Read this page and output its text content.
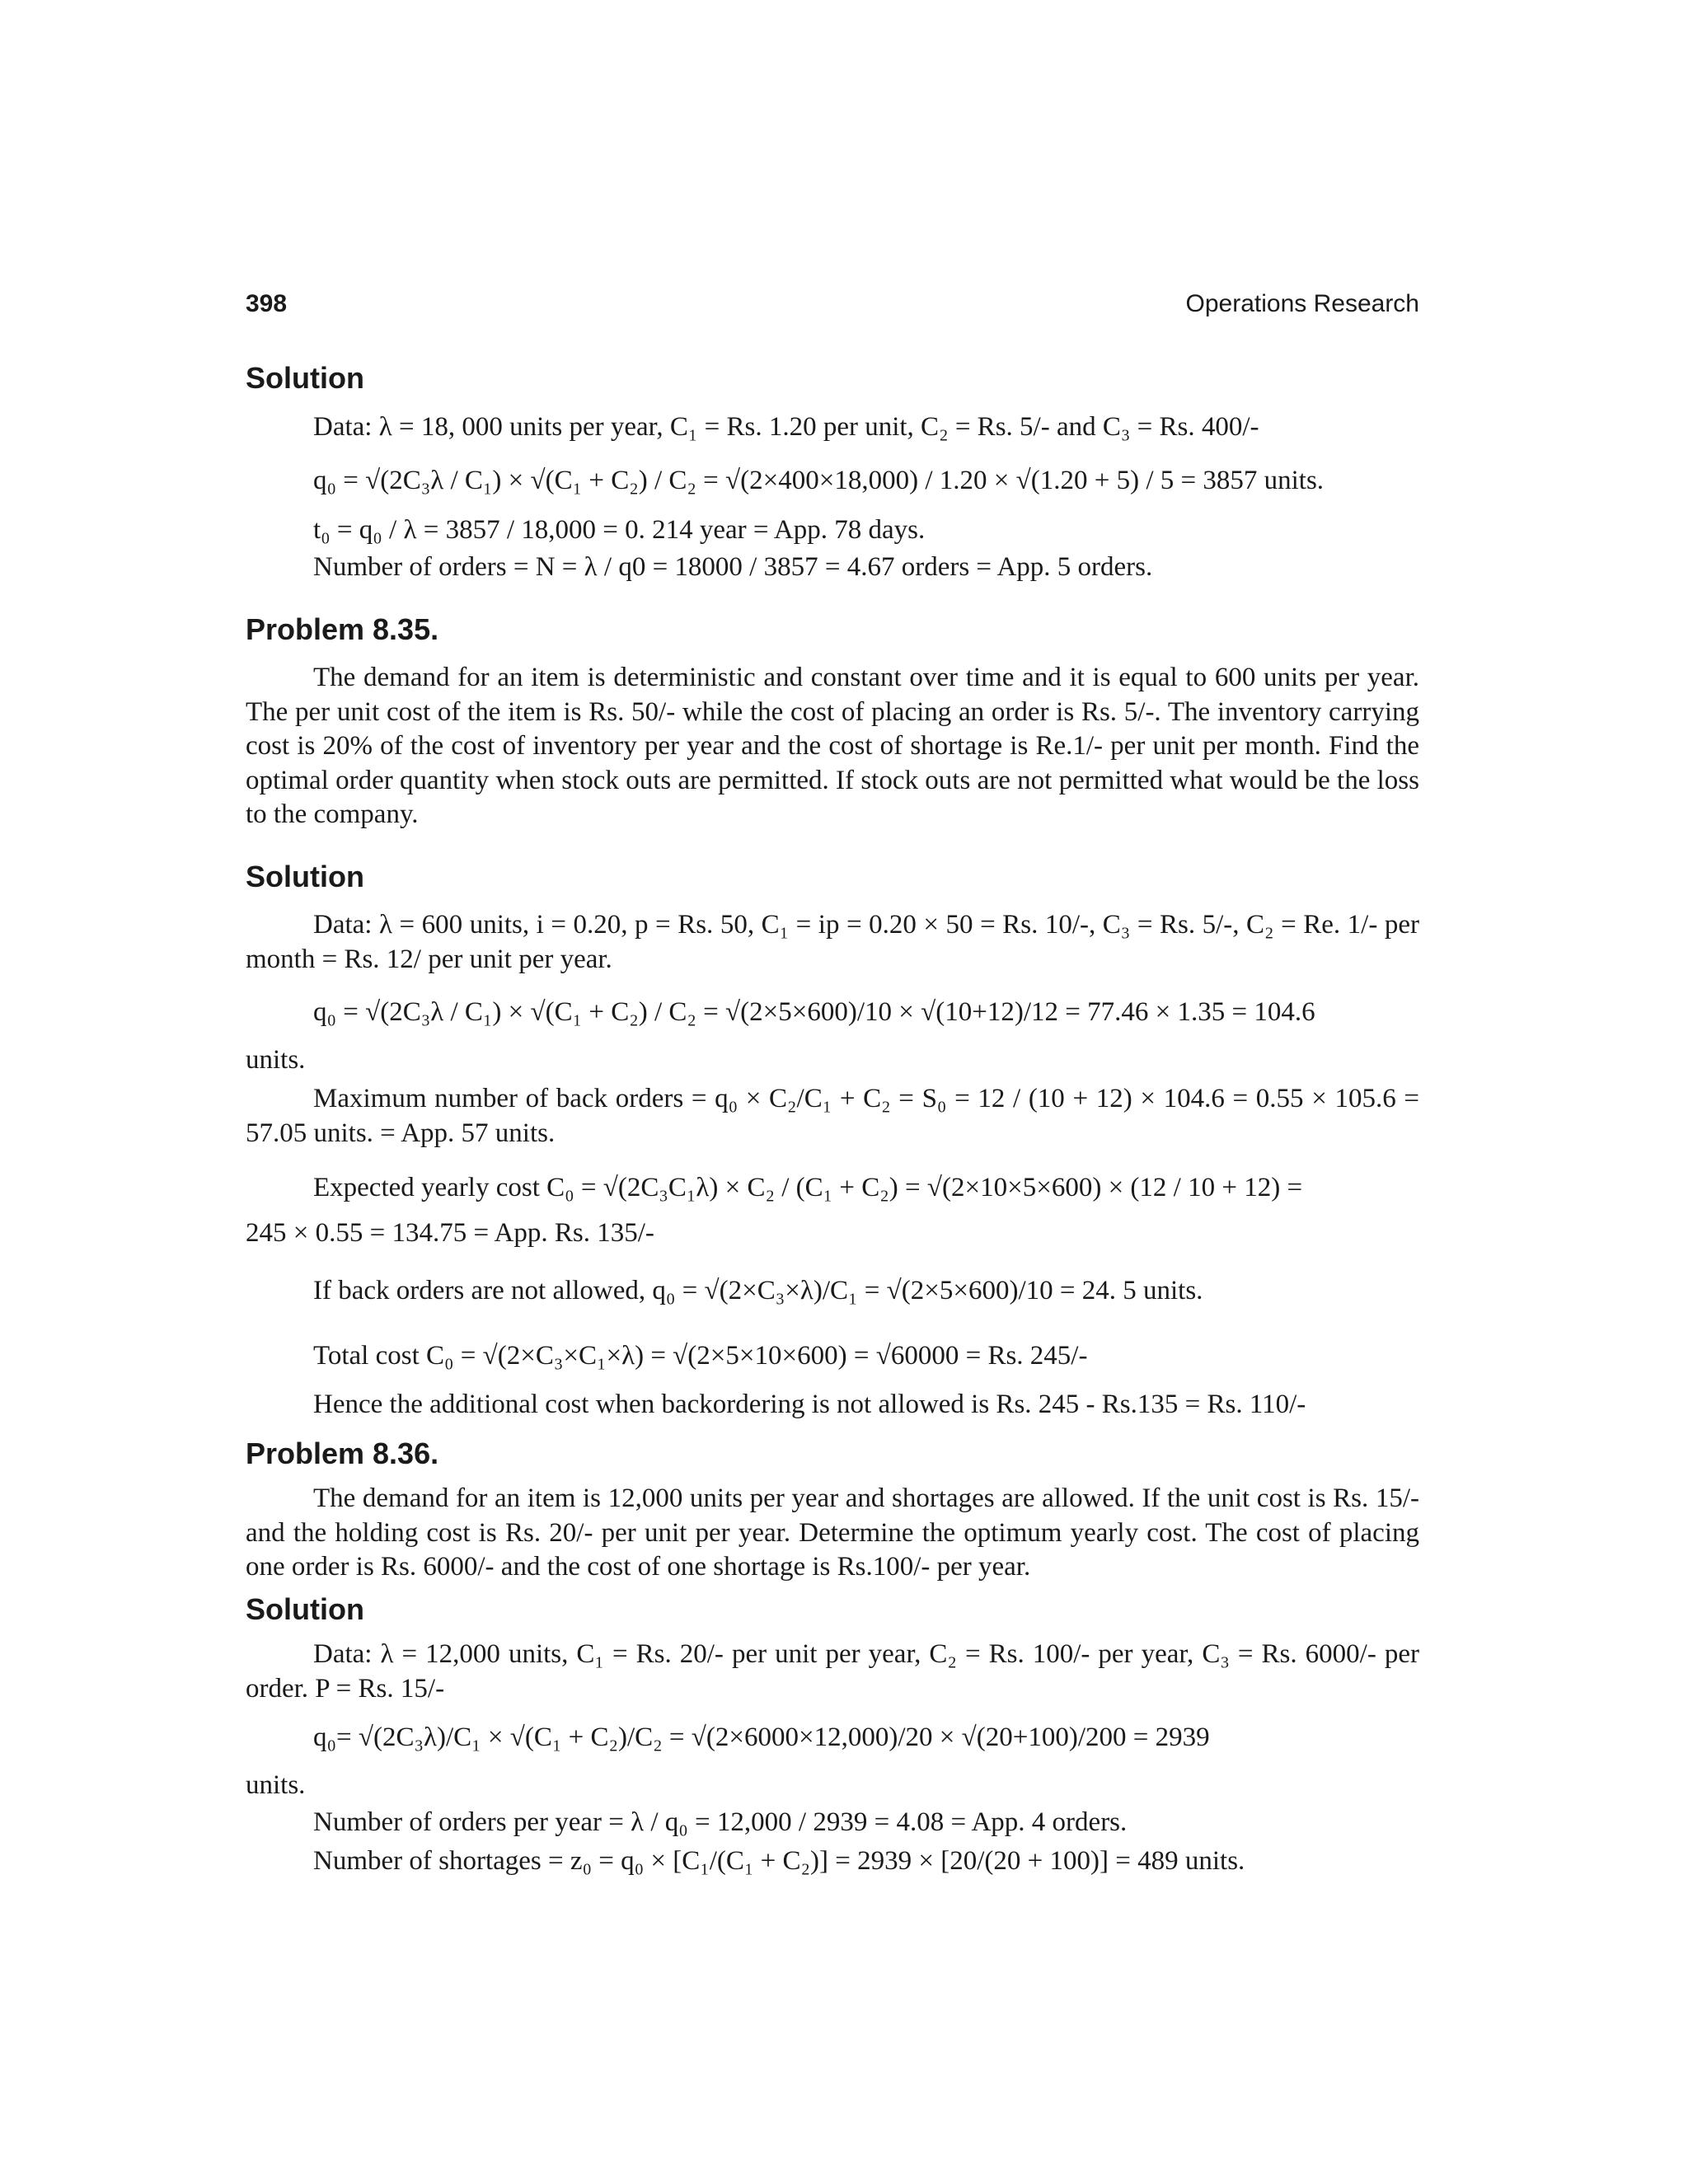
398	Operations Research
Solution
Data: λ = 18, 000 units per year, C₁ = Rs. 1.20 per unit, C₂ = Rs. 5/- and C₃ = Rs. 400/-
q₀ = √(2C₃λ / C₁) × √(C₁ + C₂) / C₂ = √(2×400×18,000) / 1.20 × √(1.20 + 5) / 5 = 3857 units.
t₀ = q₀ / λ = 3857 / 18,000 = 0. 214 year = App. 78 days.
Number of orders = N = λ / q0 = 18000 / 3857 = 4.67 orders = App. 5 orders.
Problem 8.35.
The demand for an item is deterministic and constant over time and it is equal to 600 units per year. The per unit cost of the item is Rs. 50/- while the cost of placing an order is Rs. 5/-. The inventory carrying cost is 20% of the cost of inventory per year and the cost of shortage is Re.1/- per unit per month. Find the optimal order quantity when stock outs are permitted. If stock outs are not permitted what would be the loss to the company.
Solution
Data: λ = 600 units, i = 0.20, p = Rs. 50, C₁ = ip = 0.20 × 50 = Rs. 10/-, C₃ = Rs. 5/-, C₂ = Re. 1/- per month = Rs. 12/ per unit per year.
q₀ = √(2C₃λ / C₁) × √(C₁ + C₂) / C₂ = √(2×5×600)/10 × √(10+12)/12 = 77.46 × 1.35 = 104.6
units.
Maximum number of back orders = q₀ × C₂/C₁ + C₂ = S₀ = 12 / (10 + 12) × 104.6 = 0.55 × 105.6 = 57.05 units. = App. 57 units.
Expected yearly cost C₀ = √(2C₃C₁λ) × C₂ / (C₁ + C₂) = √(2×10×5×600) × (12 / 10 + 12) =
245 × 0.55 = 134.75 = App. Rs. 135/-
If back orders are not allowed, q₀ = √(2×C₃×λ)/C₁ = √(2×5×600)/10 = 24. 5 units.
Total cost C₀ = √(2×C₃×C₁×λ) = √(2×5×10×600) = √60000 = Rs. 245/-
Hence the additional cost when backordering is not allowed is Rs. 245 - Rs.135 = Rs. 110/-
Problem 8.36.
The demand for an item is 12,000 units per year and shortages are allowed. If the unit cost is Rs. 15/- and the holding cost is Rs. 20/- per unit per year. Determine the optimum yearly cost. The cost of placing one order is Rs. 6000/- and the cost of one shortage is Rs.100/- per year.
Solution
Data: λ = 12,000 units, C₁ = Rs. 20/- per unit per year, C₂ = Rs. 100/- per year, C₃ = Rs. 6000/- per order. P = Rs. 15/-
q₀= √(2C₃λ)/C₁ × √(C₁ + C₂)/C₂ = √(2×6000×12,000)/20 × √(20+100)/200 = 2939
units.
Number of orders per year = λ / q₀ = 12,000 / 2939 = 4.08 = App. 4 orders.
Number of shortages = z₀ = q₀ × [C₁/(C₁ + C₂)] = 2939 × [20/(20 + 100)] = 489 units.
